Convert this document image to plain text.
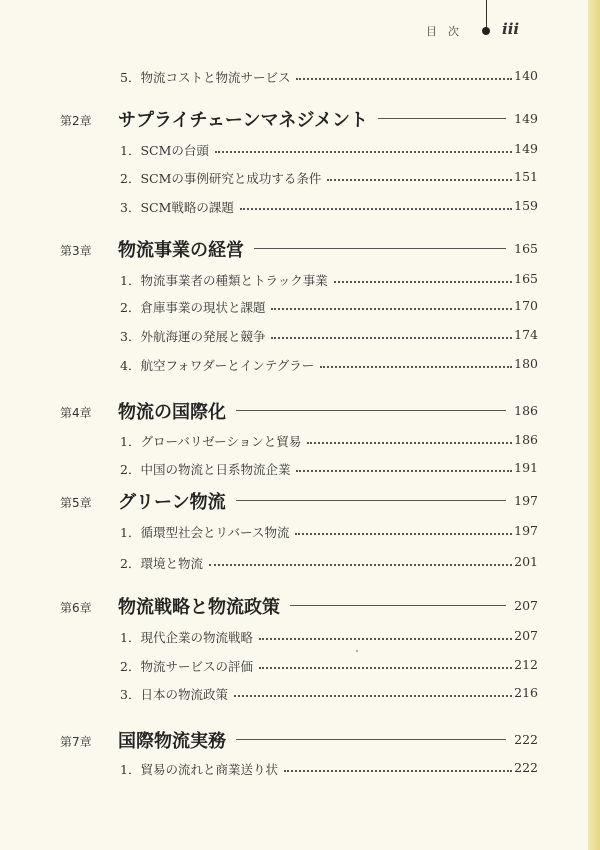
目次 iii
5．物流コストと物流サービス	140
第2章 サプライチェーンマネジメント	149
1．SCMの台頭	149
2．SCMの事例研究と成功する条件	151
3．SCM戦略の課題	159
第3章 物流事業の経営	165
1．物流事業者の種類とトラック事業	165
2．倉庫事業の現状と課題	170
3．外航海運の発展と競争	174
4．航空フォワダーとインテグラー	180
第4章 物流の国際化	186
1．グローバリゼーションと貿易	186
2．中国の物流と日系物流企業	191
第5章 グリーン物流	197
1．循環型社会とリバース物流	197
2．環境と物流	201
第6章 物流戦略と物流政策	207
1．現代企業の物流戦略	207
2．物流サービスの評価	212
3．日本の物流政策	216
第7章 国際物流実務	222
1．貿易の流れと商業送り状	222
